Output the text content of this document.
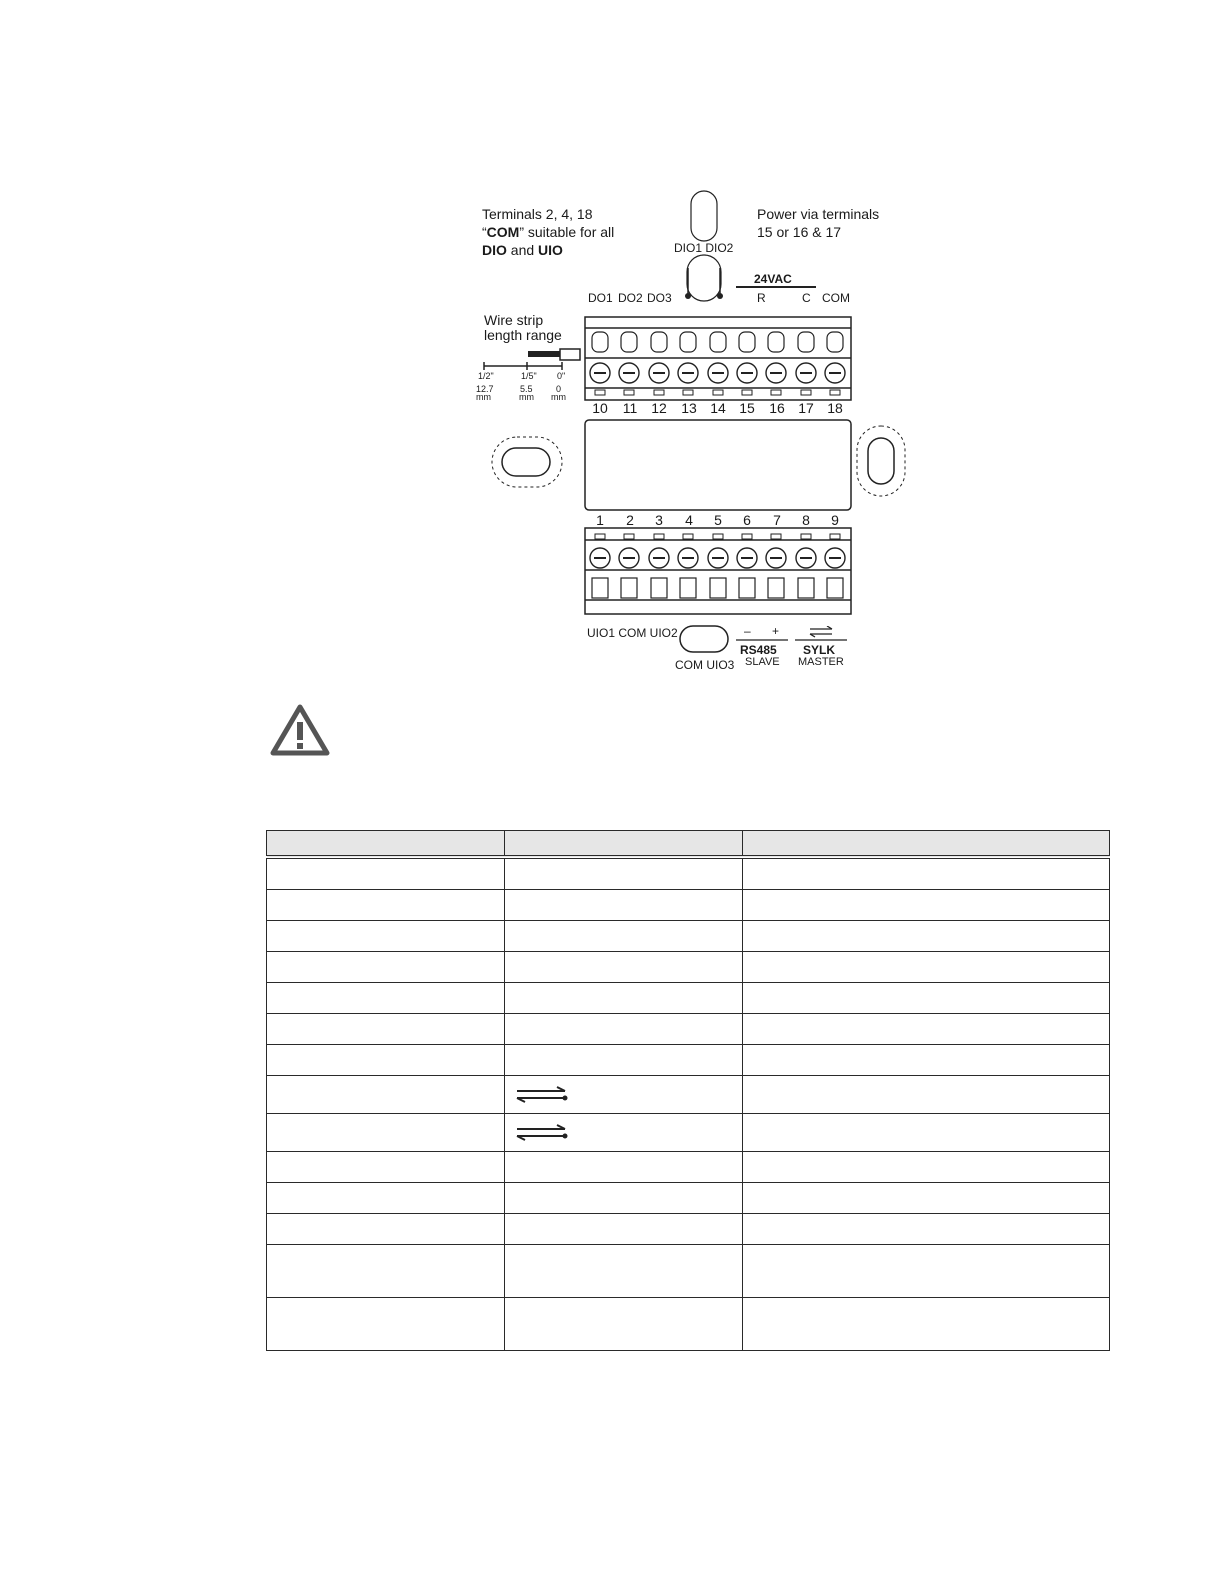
Terminals 2, 4, 18
“COM” suitable for all
DIO and UIO
Power via terminals
15 or 16 & 17
DIO1 DIO2
24VAC
DO1 DO2 DO3	R	C COM
Wire strip
length range
1/2"	1/5" 0"
12.7	5.5	0
mm	mm mm
10	11 12	13 14 15	16 17 18
1	2	3	4	5	6	7	8	9
UIO1 COM UIO2
COM UIO3
– +
RS485
SLAVE
SYLK
MASTER
